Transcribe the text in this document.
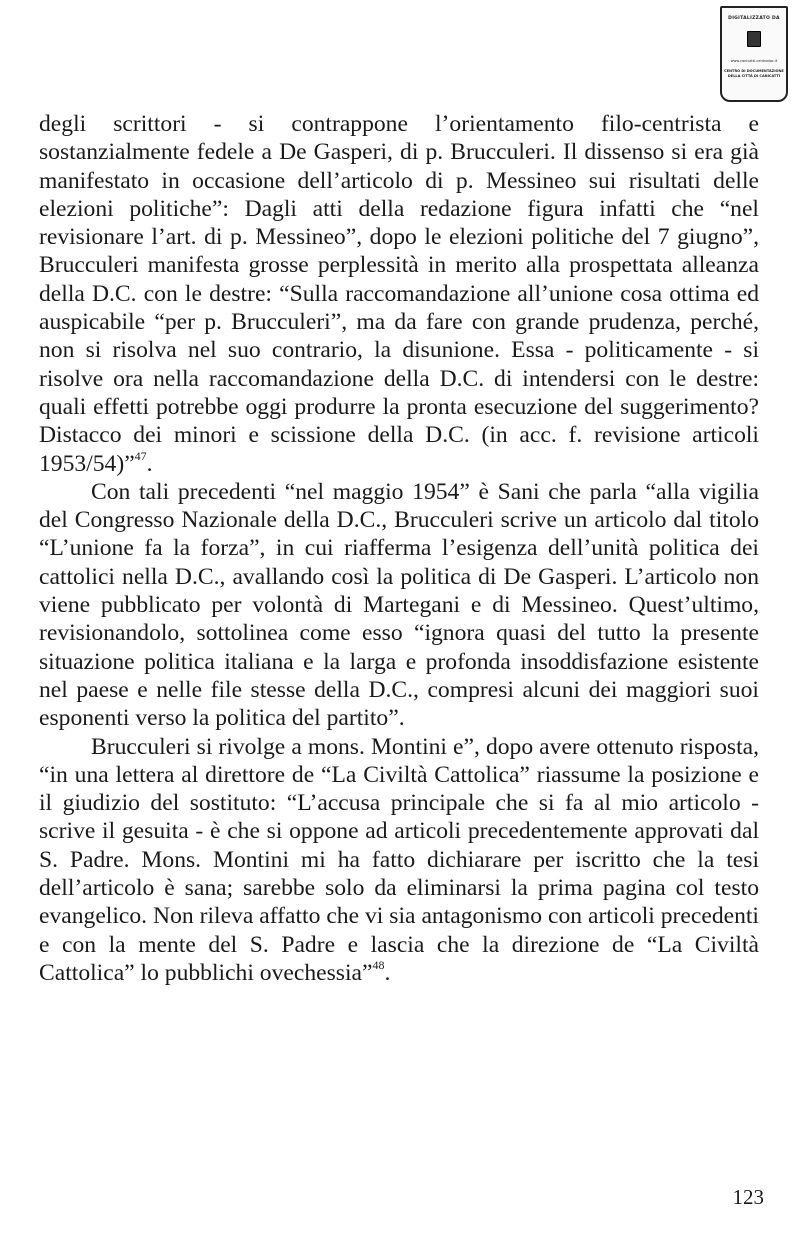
DIGITALIZZATO DA
www.canicatti-centrodoc.it
CENTRO DI DOCUMENTAZIONE
DELLA CITTÀ DI CANICATTÌ

degli scrittori - si contrappone l’orientamento filo-centrista e sostanzialmente fedele a De Gasperi, di p. Brucculeri. Il dissenso si era già manifestato in occasione dell’articolo di p. Messineo sui risultati delle elezioni politiche”: Dagli atti della redazione figura infatti che “nel revisionare l’art. di p. Messineo”, dopo le elezioni politiche del 7 giugno”, Brucculeri manifesta grosse perplessità in merito alla prospettata alleanza della D.C. con le destre: “Sulla raccomandazione all’unione cosa ottima ed auspicabile “per p. Brucculeri”, ma da fare con grande prudenza, perché, non si risolva nel suo contrario, la disunione. Essa - politicamente - si risolve ora nella raccomandazione della D.C. di intendersi con le destre: quali effetti potrebbe oggi produrre la pronta esecuzione del suggerimento? Distacco dei minori e scissione della D.C. (in acc. f. revisione articoli 1953/54)”$^{47}$.

Con tali precedenti “nel maggio 1954” è Sani che parla “alla vigilia del Congresso Nazionale della D.C., Brucculeri scrive un articolo dal titolo “L’unione fa la forza”, in cui riafferma l’esigenza dell’unità politica dei cattolici nella D.C., avallando così la politica di De Gasperi. L’articolo non viene pubblicato per volontà di Martegani e di Messineo. Quest’ultimo, revisionandolo, sottolinea come esso “ignora quasi del tutto la presente situazione politica italiana e la larga e profonda insoddisfazione esistente nel paese e nelle file stesse della D.C., compresi alcuni dei maggiori suoi esponenti verso la politica del partito”.

Brucculeri si rivolge a mons. Montini e”, dopo avere ottenuto risposta, “in una lettera al direttore de “La Civiltà Cattolica” riassume la posizione e il giudizio del sostituto: “L’accusa principale che si fa al mio articolo - scrive il gesuita - è che si oppone ad articoli precedentemente approvati dal S. Padre. Mons. Montini mi ha fatto dichiarare per iscritto che la tesi dell’articolo è sana; sarebbe solo da eliminarsi la prima pagina col testo evangelico. Non rileva affatto che vi sia antagonismo con articoli precedenti e con la mente del S. Padre e lascia che la direzione de “La Civiltà Cattolica” lo pubblichi ovechessia”$^{48}$.

123
